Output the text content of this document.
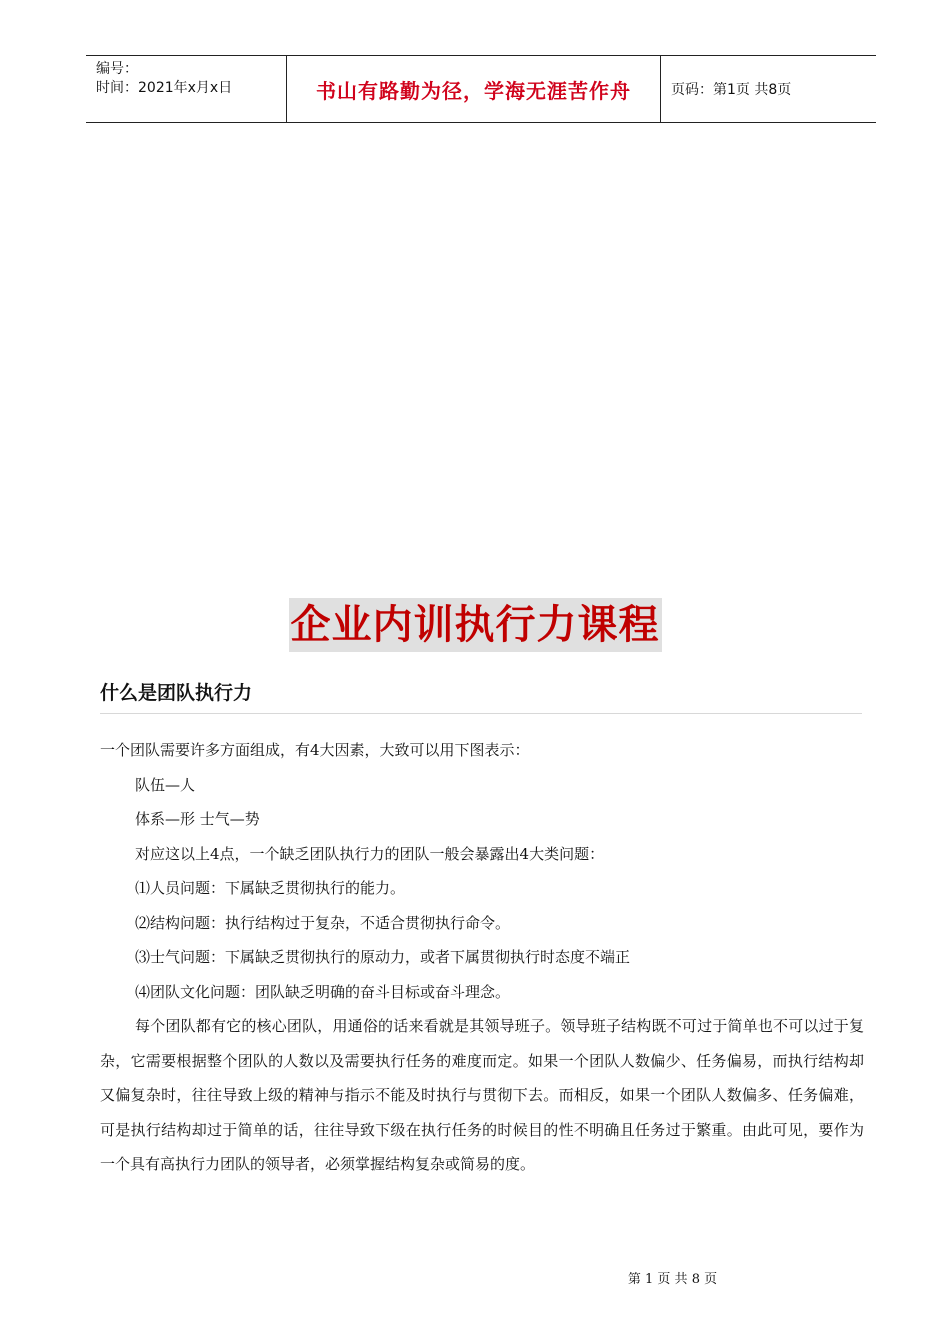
编号：
时间：2021年x月x日	书山有路勤为径，学海无涯苦作舟	页码：第1页 共8页
企业内训执行力课程
什么是团队执行力

一个团队需要许多方面组成，有4大因素，大致可以用下图表示：

队伍—人

体系—形 士气—势

对应这以上4点，一个缺乏团队执行力的团队一般会暴露出4大类问题：

⑴人员问题：下属缺乏贯彻执行的能力。

⑵结构问题：执行结构过于复杂，不适合贯彻执行命令。

⑶士气问题：下属缺乏贯彻执行的原动力，或者下属贯彻执行时态度不端正

⑷团队文化问题：团队缺乏明确的奋斗目标或奋斗理念。

每个团队都有它的核心团队，用通俗的话来看就是其领导班子。领导班子结构既不可过于简单也不可以过于复杂，它需要根据整个团队的人数以及需要执行任务的难度而定。如果一个团队人数偏少、任务偏易，而执行结构却又偏复杂时，往往导致上级的精神与指示不能及时执行与贯彻下去。而相反，如果一个团队人数偏多、任务偏难，可是执行结构却过于简单的话，往往导致下级在执行任务的时候目的性不明确且任务过于繁重。由此可见，要作为一个具有高执行力团队的领导者，必须掌握结构复杂或简易的度。

第 1 页 共 8 页
